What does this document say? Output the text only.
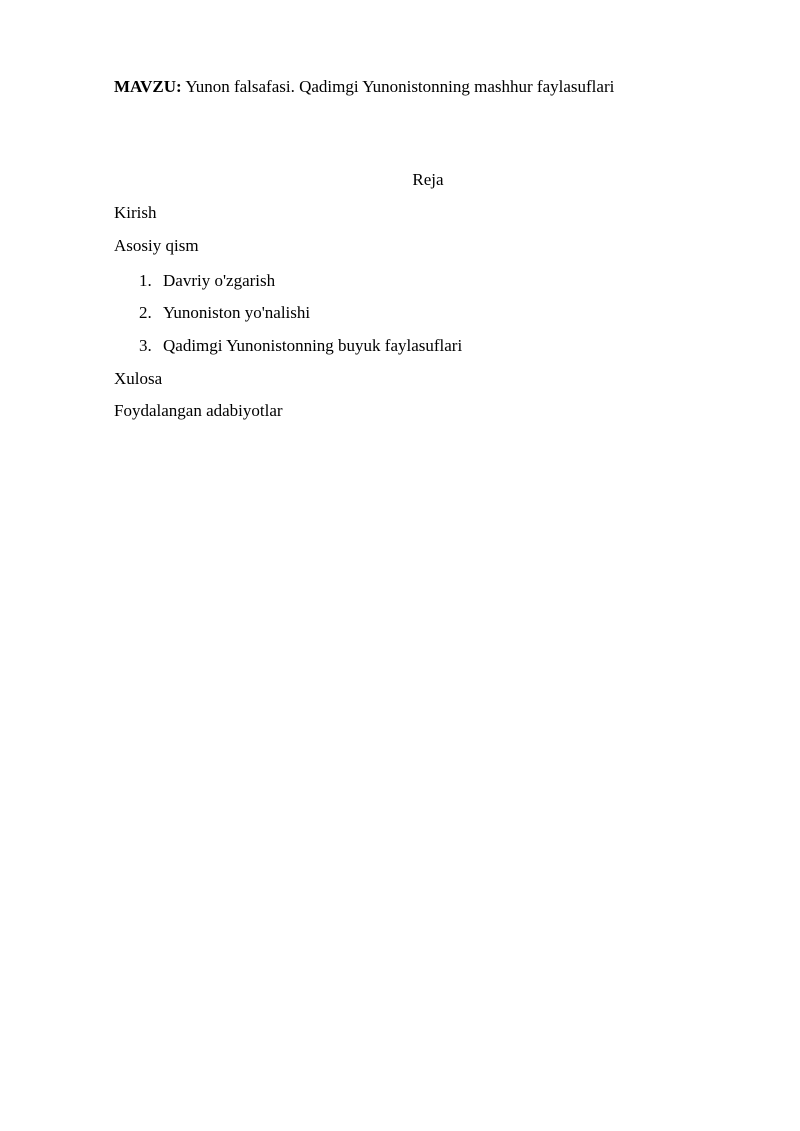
MAVZU: Yunon falsafasi. Qadimgi Yunonistonning mashhur faylasuflari
Reja
Kirish
Asosiy qism
1. Davriy o'zgarish
2. Yunoniston yo'nalishi
3. Qadimgi Yunonistonning buyuk faylasuflari
Xulosa
Foydalangan adabiyotlar
